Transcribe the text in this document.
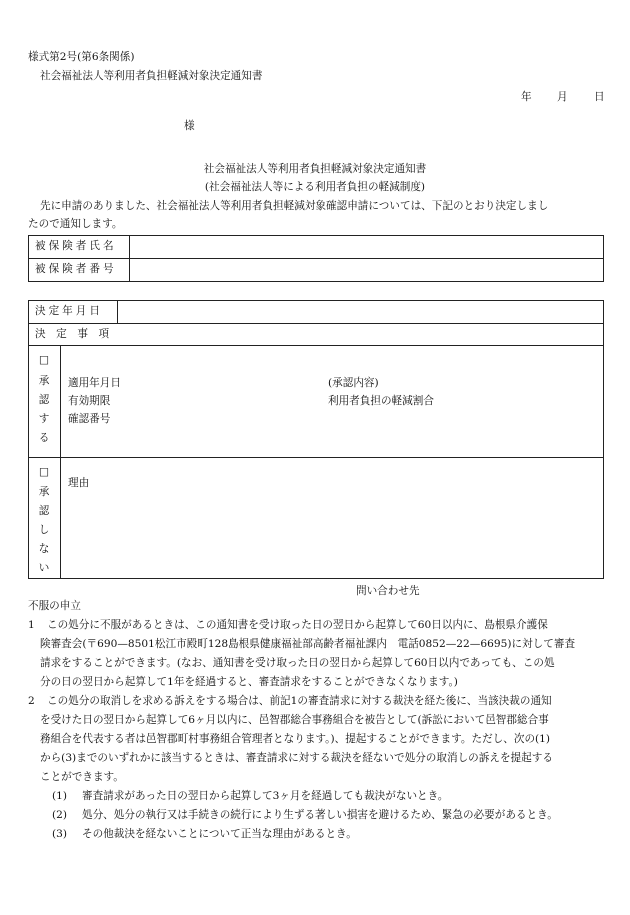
様式第2号(第6条関係)
社会福祉法人等利用者負担軽減対象決定通知書
年 月 日
様
社会福祉法人等利用者負担軽減対象決定通知書
(社会福祉法人等による利用者負担の軽減制度)
先に申請のありました、社会福祉法人等利用者負担軽減対象確認申請については、下記のとおり決定しまし
たので通知します。
被保険者氏名
被保険者番号
決定年月日
決　定　事　項
□
承
認
す
る
適用年月日
有効期限
確認番号
(承認内容)
利用者負担の軽減割合
□
承
認
し
な
い
理由
問い合わせ先
不服の申立
1 この処分に不服があるときは、この通知書を受け取った日の翌日から起算して60日以内に、島根県介護保
険審査会(〒690—8501松江市殿町128島根県健康福祉部高齢者福祉課内　電話0852—22—6695)に対して審査
請求をすることができます。(なお、通知書を受け取った日の翌日から起算して60日以内であっても、この処
分の日の翌日から起算して1年を経過すると、審査請求をすることができなくなります。)
2 この処分の取消しを求める訴えをする場合は、前記1の審査請求に対する裁決を経た後に、当該決裁の通知
を受けた日の翌日から起算して6ヶ月以内に、邑智郡総合事務組合を被告として(訴訟において邑智郡総合事
務組合を代表する者は邑智郡町村事務組合管理者となります。)、提起することができます。ただし、次の(1)
から(3)までのいずれかに該当するときは、審査請求に対する裁決を経ないで処分の取消しの訴えを提起する
ことができます。
(1) 審査請求があった日の翌日から起算して3ヶ月を経過しても裁決がないとき。
(2) 処分、処分の執行又は手続きの続行により生ずる著しい損害を避けるため、緊急の必要があるとき。
(3) その他裁決を経ないことについて正当な理由があるとき。
